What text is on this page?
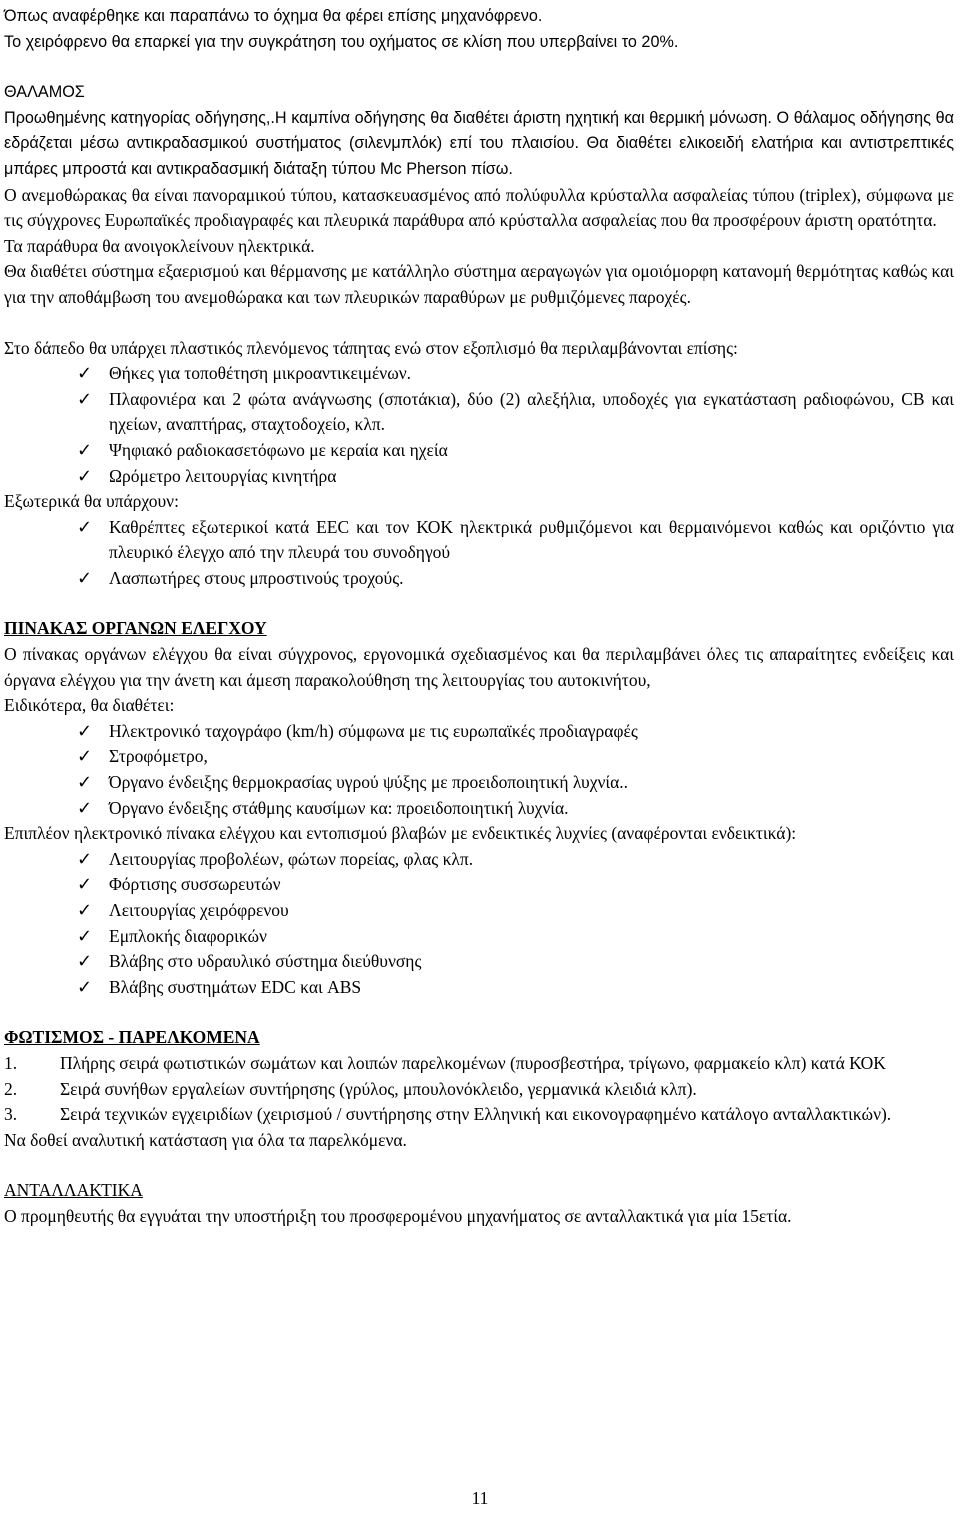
Όπως αναφέρθηκε και παραπάνω το όχημα θα φέρει επίσης μηχανόφρενο.

Το χειρόφρενο θα επαρκεί για την συγκράτηση του οχήματος σε κλίση που υπερβαίνει το 20%.

ΘΑΛΑΜΟΣ

Προωθημένης κατηγορίας οδήγησης,.Η καμπίνα οδήγησης θα διαθέτει άριστη ηχητική και θερμική μόνωση. Ο θάλαμος οδήγησης θα εδράζεται μέσω αντικραδασμικού συστήματος (σιλενμπλόκ) επί του πλαισίου. Θα διαθέτει ελικοειδή ελατήρια και αντιστρεπτικές μπάρες μπροστά και αντικραδασμική διάταξη τύπου Mc Pherson πίσω.

Ο ανεμοθώρακας θα είναι πανοραμικού τύπου, κατασκευασμένος από πολύφυλλα κρύσταλλα ασφαλείας τύπου (triplex), σύμφωνα με τις σύγχρονες Ευρωπαϊκές προδιαγραφές και πλευρικά παράθυρα από κρύσταλλα ασφαλείας που θα προσφέρουν άριστη ορατότητα.

Τα παράθυρα θα ανοιγοκλείνουν ηλεκτρικά.

Θα διαθέτει σύστημα εξαερισμού και θέρμανσης με κατάλληλο σύστημα αεραγωγών για ομοιόμορφη κατανομή θερμότητας καθώς και για την αποθάμβωση του ανεμοθώρακα και των πλευρικών παραθύρων με ρυθμιζόμενες παροχές.

Στο δάπεδο θα υπάρχει πλαστικός πλενόμενος τάπητας ενώ στον εξοπλισμό θα περιλαμβάνονται επίσης:

✓ Θήκες για τοποθέτηση μικροαντικειμένων.
✓ Πλαφονιέρα και 2 φώτα ανάγνωσης (σποτάκια), δύο (2) αλεξήλια, υποδοχές για εγκατάσταση ραδιοφώνου, CB και ηχείων, αναπτήρας, σταχτοδοχείο, κλπ.
✓ Ψηφιακό ραδιοκασετόφωνο με κεραία και ηχεία
✓ Ωρόμετρο λειτουργίας κινητήρα

Εξωτερικά θα υπάρχουν:

✓ Καθρέπτες εξωτερικοί κατά ΕΕC και τον ΚΟΚ ηλεκτρικά ρυθμιζόμενοι και θερμαινόμενοι καθώς και οριζόντιο για πλευρικό έλεγχο από την πλευρά του συνοδηγού
✓ Λασπωτήρες στους μπροστινούς τροχούς.

ΠΙΝΑΚΑΣ ΟΡΓΑΝΩΝ ΕΛΕΓΧΟΥ

Ο πίνακας οργάνων ελέγχου θα είναι σύγχρονος, εργονομικά σχεδιασμένος και θα περιλαμβάνει όλες τις απαραίτητες ενδείξεις και όργανα ελέγχου για την άνετη και άμεση παρακολούθηση της λειτουργίας του αυτοκινήτου,

Ειδικότερα, θα διαθέτει:

✓ Ηλεκτρονικό ταχογράφο (km/h) σύμφωνα με τις ευρωπαϊκές προδιαγραφές
✓ Στροφόμετρο,
✓ Όργανο ένδειξης θερμοκρασίας υγρού ψύξης με προειδοποιητική λυχνία..
✓ Όργανο ένδειξης στάθμης καυσίμων κα: προειδοποιητική λυχνία.

Επιπλέον ηλεκτρονικό πίνακα ελέγχου και εντοπισμού βλαβών με ενδεικτικές λυχνίες (αναφέρονται ενδεικτικά):

✓ Λειτουργίας προβολέων, φώτων πορείας, φλας κλπ.
✓ Φόρτισης συσσωρευτών
✓ Λειτουργίας χειρόφρενου
✓ Εμπλοκής διαφορικών
✓ Βλάβης στο υδραυλικό σύστημα διεύθυνσης
✓ Βλάβης συστημάτων EDC και ABS

ΦΩΤΙΣΜΟΣ - ΠΑΡΕΛΚΟΜΕΝΑ

1. Πλήρης σειρά φωτιστικών σωμάτων και λοιπών παρελκομένων (πυροσβεστήρα, τρίγωνο, φαρμακείο κλπ) κατά ΚΟΚ
2. Σειρά συνήθων εργαλείων συντήρησης (γρύλος, μπουλονόκλειδο, γερμανικά κλειδιά κλπ).
3. Σειρά τεχνικών εγχειριδίων (χειρισμού / συντήρησης στην Ελληνική και εικονογραφημένο κατάλογο ανταλλακτικών).

Να δοθεί αναλυτική κατάσταση για όλα τα παρελκόμενα.

ΑΝΤΑΛΛΑΚΤΙΚΑ

Ο προμηθευτής θα εγγυάται την υποστήριξη του προσφερομένου μηχανήματος σε ανταλλακτικά για μία 15ετία.

11
